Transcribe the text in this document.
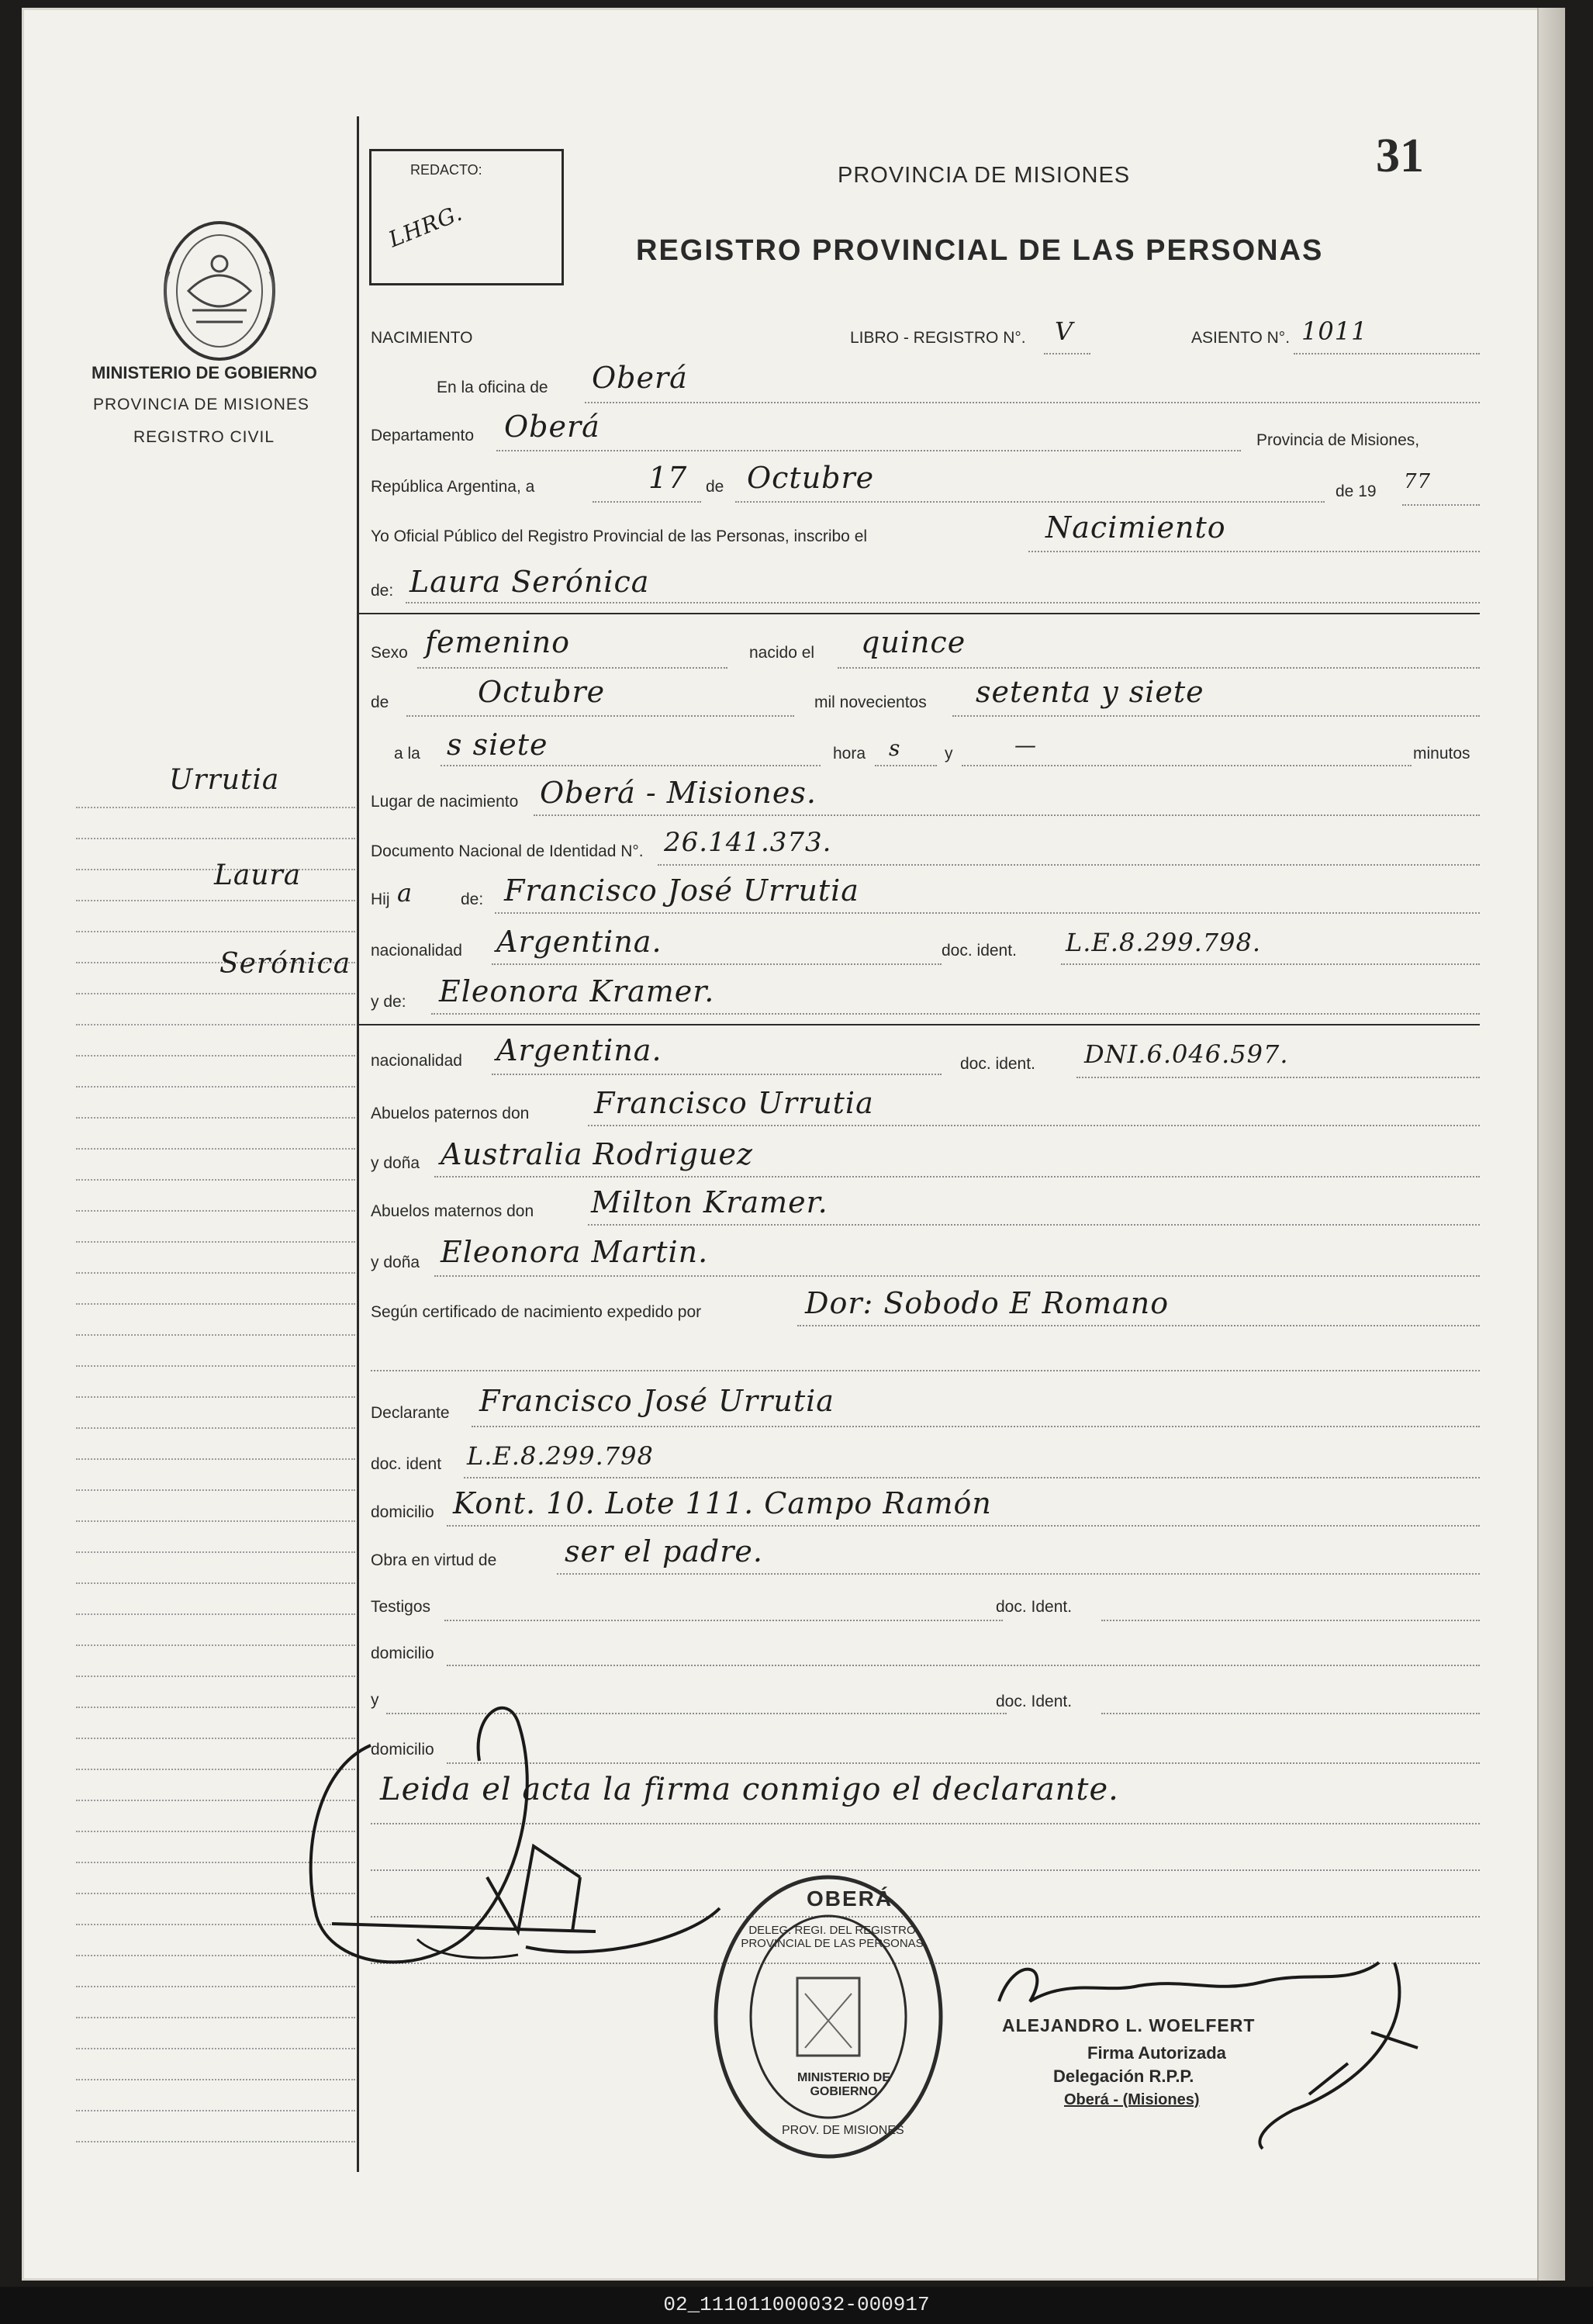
MINISTERIO DE GOBIERNO
PROVINCIA DE MISIONES
REGISTRO CIVIL
Urrutia
Laura
Serónica
REDACTO:
LHRG.
PROVINCIA DE MISIONES
REGISTRO PROVINCIAL DE LAS PERSONAS
31
NACIMIENTO	LIBRO - REGISTRO N°. V	ASIENTO N°. 1011
En la oficina de Oberá
Departamento Oberá	Provincia de Misiones,
República Argentina, a	17 de Octubre	de 19 77
Yo Oficial Público del Registro Provincial de las Personas, inscribo el	Nacimiento
de: Laura Serónica
Sexo femenino	nacido el quince
de	Octubre	mil novecientos setenta y siete
a la s siete	hora s	y	—	minutos
Lugar de nacimiento Oberá - Misiones.
Documento Nacional de Identidad N°. 26.141.373.
Hij a	de: Francisco José Urrutia
nacionalidad Argentina.	doc. ident. L.E.8.299.798.
y de: Eleonora Kramer.
nacionalidad Argentina.	doc. ident. DNI.6.046.597.
Abuelos paternos don Francisco Urrutia
y doña Australia Rodriguez
Abuelos maternos don Milton Kramer.
y doña Eleonora Martin.
Según certificado de nacimiento expedido por	Dor: Sobodo E Romano
Declarante Francisco José Urrutia
doc. ident L.E.8.299.798
domicilio Kont. 10. Lote 111. Campo Ramón
Obra en virtud de ser el padre.
Testigos	doc. Ident.
domicilio
y	doc. Ident.
domicilio
Leida el acta la firma conmigo el declarante.
OBERÁ
DELEG. REGI. DEL REGISTRO PROVINCIAL DE LAS PERSONAS
MINISTERIO DE GOBIERNO
PROV. DE MISIONES
ALEJANDRO L. WOELFERT
Firma Autorizada
Delegación R.P.P.
Oberá - (Misiones)
02_111011000032-000917
